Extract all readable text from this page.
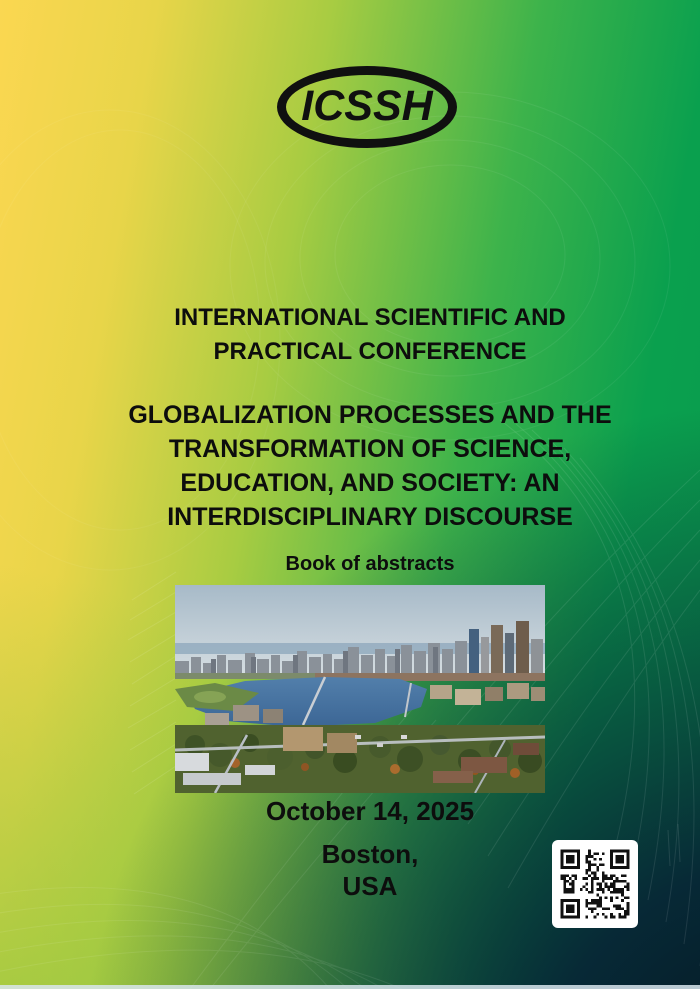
ICSSH
INTERNATIONAL SCIENTIFIC AND
PRACTICAL CONFERENCE
GLOBALIZATION PROCESSES AND THE
TRANSFORMATION OF SCIENCE,
EDUCATION, AND SOCIETY: AN
INTERDISCIPLINARY DISCOURSE
Book of abstracts
October 14, 2025
Boston,
USA
